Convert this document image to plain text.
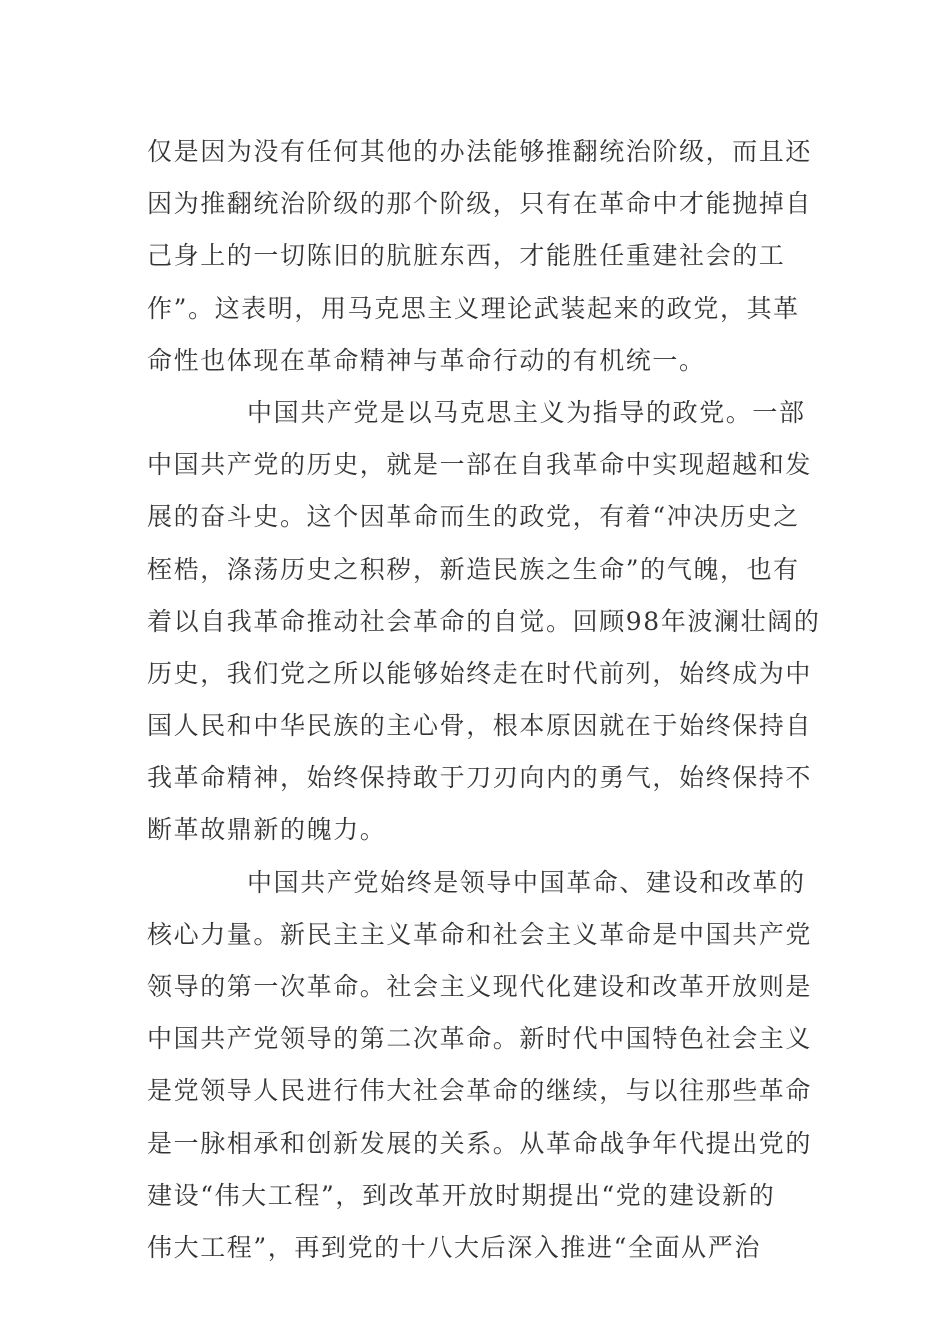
仅是因为没有任何其他的办法能够推翻统治阶级，而且还
因为推翻统治阶级的那个阶级，只有在革命中才能抛掉自
己身上的一切陈旧的肮脏东西，才能胜任重建社会的工
作”。这表明，用马克思主义理论武装起来的政党，其革
命性也体现在革命精神与革命行动的有机统一。
中国共产党是以马克思主义为指导的政党。一部
中国共产党的历史，就是一部在自我革命中实现超越和发
展的奋斗史。这个因革命而生的政党，有着“冲决历史之
桎梏，涤荡历史之积秽，新造民族之生命”的气魄，也有
着以自我革命推动社会革命的自觉。回顾98年波澜壮阔的
历史，我们党之所以能够始终走在时代前列，始终成为中
国人民和中华民族的主心骨，根本原因就在于始终保持自
我革命精神，始终保持敢于刀刃向内的勇气，始终保持不
断革故鼎新的魄力。
中国共产党始终是领导中国革命、建设和改革的
核心力量。新民主主义革命和社会主义革命是中国共产党
领导的第一次革命。社会主义现代化建设和改革开放则是
中国共产党领导的第二次革命。新时代中国特色社会主义
是党领导人民进行伟大社会革命的继续，与以往那些革命
是一脉相承和创新发展的关系。从革命战争年代提出党的
建设“伟大工程”，到改革开放时期提出“党的建设新的
伟大工程”，再到党的十八大后深入推进“全面从严治
